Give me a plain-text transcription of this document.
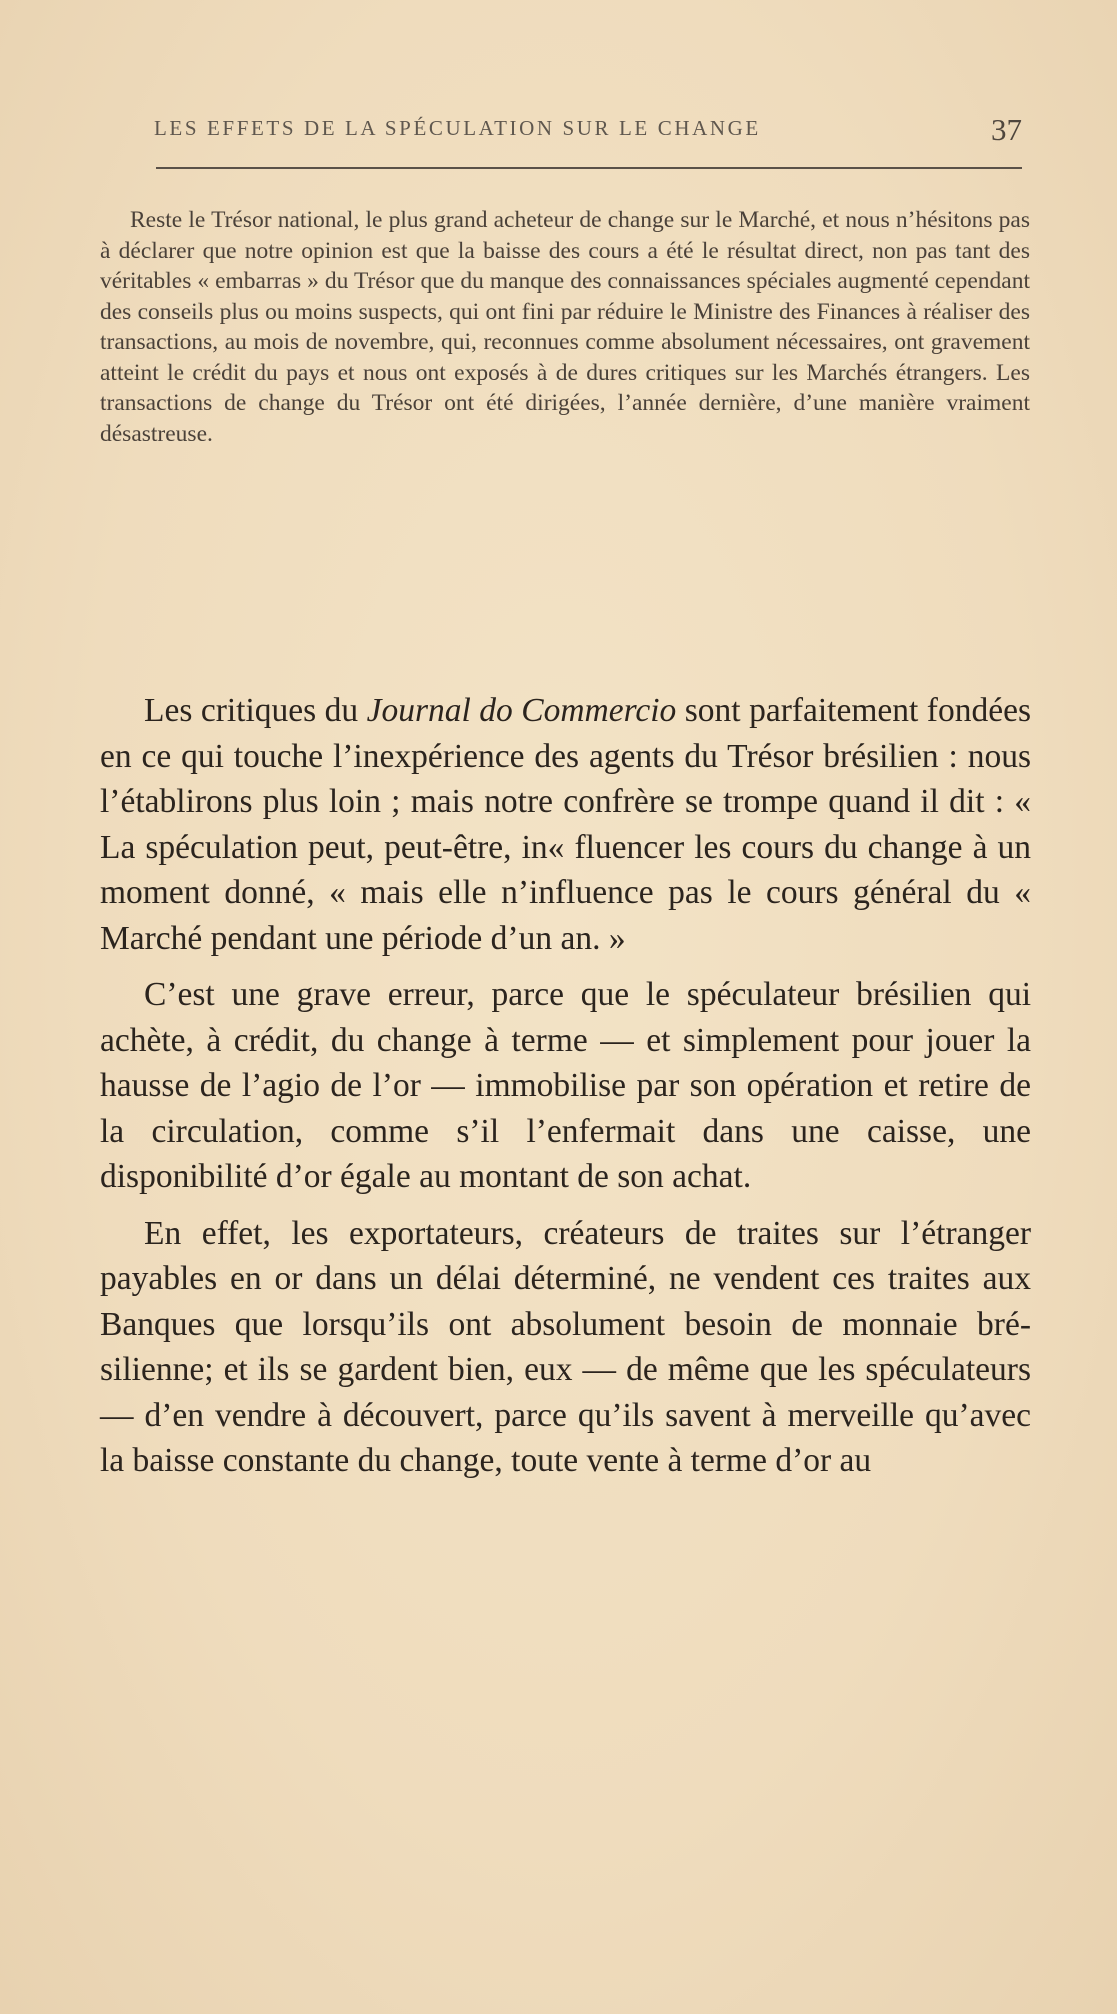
LES EFFETS DE LA SPÉCULATION SUR LE CHANGE	37
Reste le Trésor national, le plus grand acheteur de change sur le Marché, et nous n’hésitons pas à déclarer que notre opinion est que la baisse des cours a été le résultat direct, non pas tant des véritables « embarras » du Trésor que du manque des connaissances spéciales augmenté cependant des conseils plus ou moins suspects, qui ont fini par réduire le Ministre des Finances à réaliser des transactions, au mois de novembre, qui, reconnues comme absolument nécessaires, ont gravement atteint le crédit du pays et nous ont exposés à de dures critiques sur les Marchés étrangers. Les transactions de change du Trésor ont été dirigées, l’année dernière, d’une manière vraiment désastreuse.

Les critiques du Journal do Commercio sont parfaitement fondées en ce qui touche l’inexpérience des agents du Trésor brésilien : nous l’établirons plus loin ; mais notre confrère se trompe quand il dit : « La spéculation peut, peut-être, in« fluencer les cours du change à un moment donné, « mais elle n’influence pas le cours général du « Marché pendant une période d’un an. »

C’est une grave erreur, parce que le spéculateur brésilien qui achète, à crédit, du change à terme — et simplement pour jouer la hausse de l’agio de l’or — immobilise par son opération et retire de la circulation, comme s’il l’enfermait dans une caisse, une disponibilité d’or égale au montant de son achat.

En effet, les exportateurs, créateurs de traites sur l’étranger payables en or dans un délai déterminé, ne vendent ces traites aux Banques que lorsqu’ils ont absolument besoin de monnaie brésilienne; et ils se gardent bien, eux — de même que les spéculateurs — d’en vendre à découvert, parce qu’ils savent à merveille qu’avec la baisse constante du change, toute vente à terme d’or au
